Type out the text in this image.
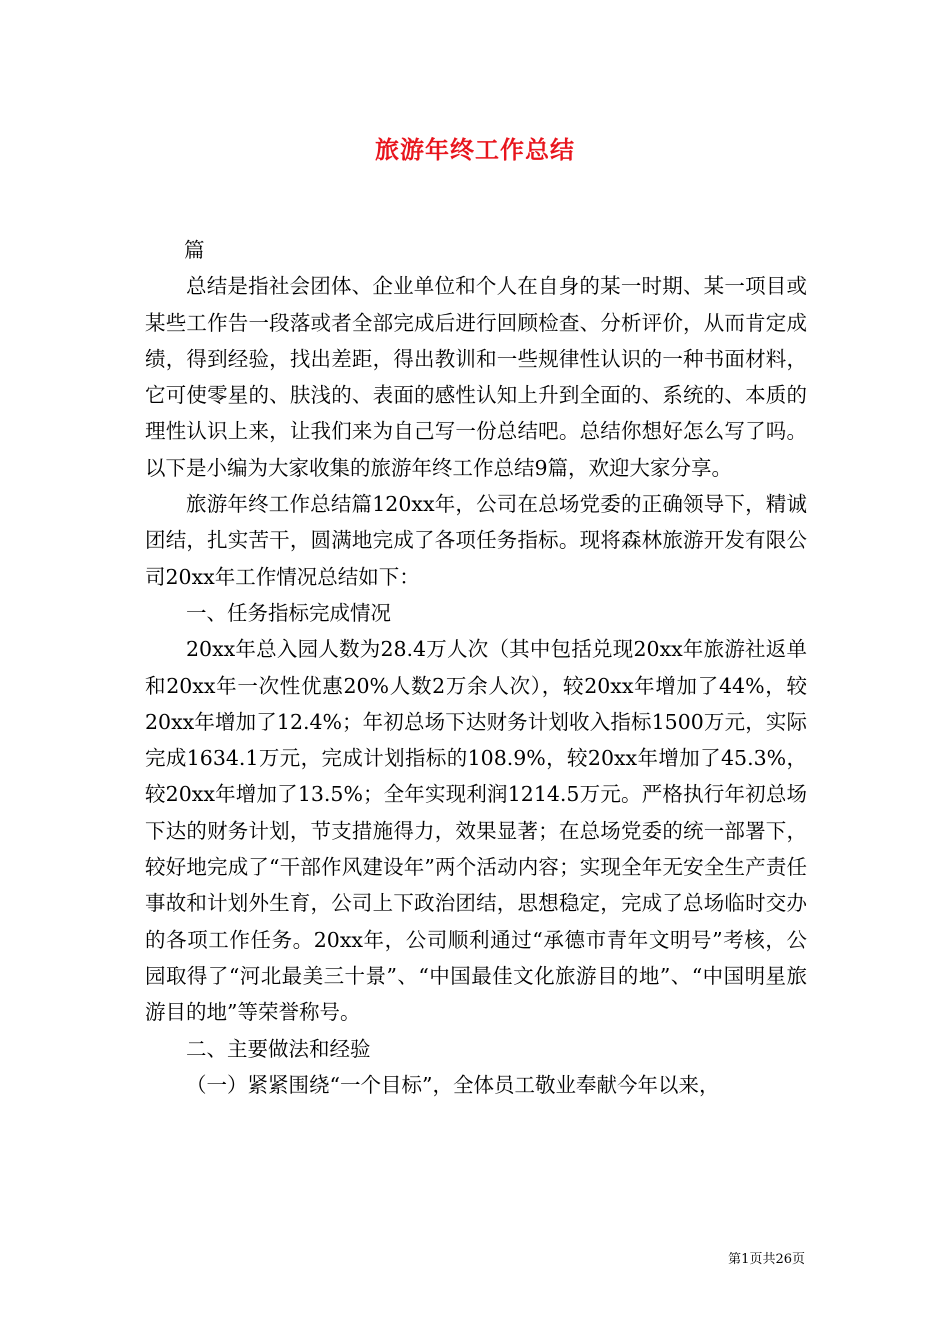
旅游年终工作总结

篇

总结是指社会团体、企业单位和个人在自身的某一时期、某一项目或某些工作告一段落或者全部完成后进行回顾检查、分析评价，从而肯定成绩，得到经验，找出差距，得出教训和一些规律性认识的一种书面材料，它可使零星的、肤浅的、表面的感性认知上升到全面的、系统的、本质的理性认识上来，让我们来为自己写一份总结吧。总结你想好怎么写了吗。以下是小编为大家收集的旅游年终工作总结9篇，欢迎大家分享。

旅游年终工作总结篇120xx年，公司在总场党委的正确领导下，精诚团结，扎实苦干，圆满地完成了各项任务指标。现将森林旅游开发有限公司20xx年工作情况总结如下：

一、任务指标完成情况

20xx年总入园人数为28.4万人次（其中包括兑现20xx年旅游社返单和20xx年一次性优惠20%人数2万余人次），较20xx年增加了44%，较20xx年增加了12.4%；年初总场下达财务计划收入指标1500万元，实际完成1634.1万元，完成计划指标的108.9%，较20xx年增加了45.3%，较20xx年增加了13.5%；全年实现利润1214.5万元。严格执行年初总场下达的财务计划，节支措施得力，效果显著；在总场党委的统一部署下，较好地完成了“干部作风建设年”两个活动内容；实现全年无安全生产责任事故和计划外生育，公司上下政治团结，思想稳定，完成了总场临时交办的各项工作任务。20xx年，公司顺利通过“承德市青年文明号”考核，公园取得了“河北最美三十景”、“中国最佳文化旅游目的地”、“中国明星旅游目的地”等荣誉称号。

二、主要做法和经验

（一）紧紧围绕“一个目标”，全体员工敬业奉献今年以来，

第1页共26页
